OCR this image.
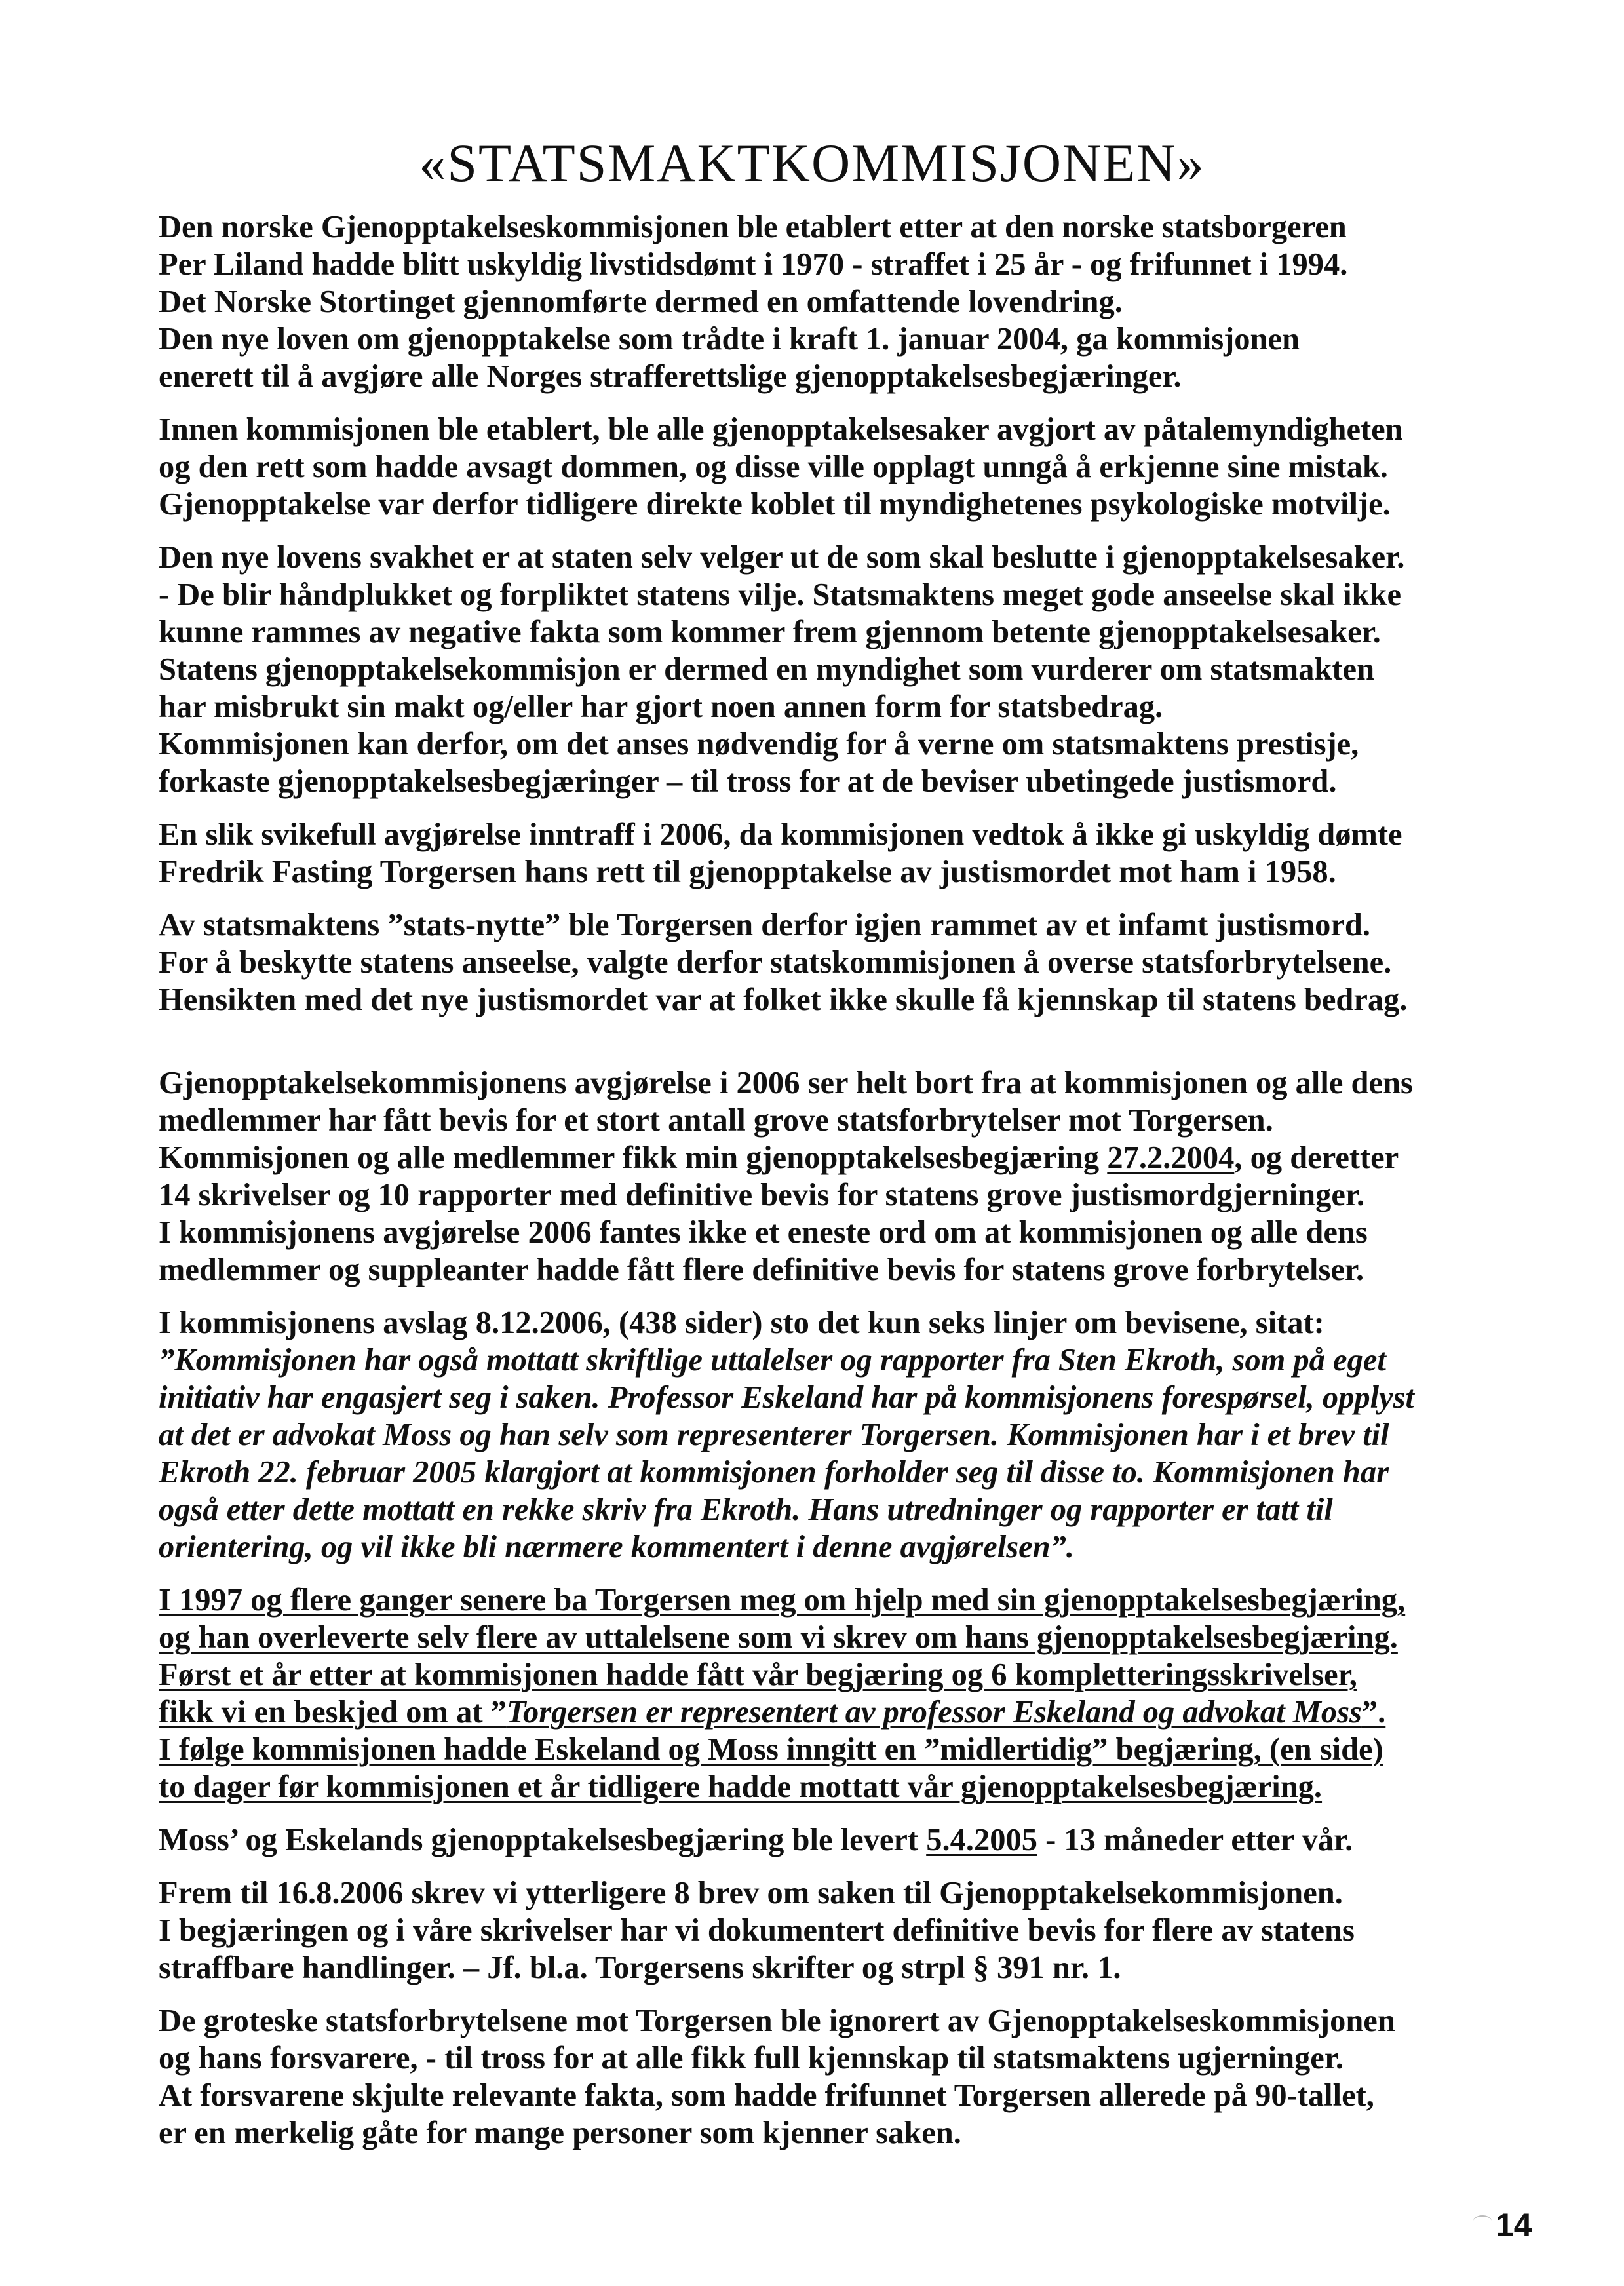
«STATSMAKTKOMMISJONEN»

Den norske Gjenopptakelseskommisjonen ble etablert etter at den norske statsborgeren
Per Liland hadde blitt uskyldig livstidsdømt i 1970 - straffet i 25 år - og frifunnet i 1994.
Det Norske Stortinget gjennomførte dermed en omfattende lovendring.
Den nye loven om gjenopptakelse som trådte i kraft 1. januar 2004, ga kommisjonen
enerett til å avgjøre alle Norges strafferettslige gjenopptakelsesbegjæringer.

Innen kommisjonen ble etablert, ble alle gjenopptakelsesaker avgjort av påtalemyndigheten
og den rett som hadde avsagt dommen, og disse ville opplagt unngå å erkjenne sine mistak.
Gjenopptakelse var derfor tidligere direkte koblet til myndighetenes psykologiske motvilje.

Den nye lovens svakhet er at staten selv velger ut de som skal beslutte i gjenopptakelsesaker.
- De blir håndplukket og forpliktet statens vilje. Statsmaktens meget gode anseelse skal ikke
kunne rammes av negative fakta som kommer frem gjennom betente gjenopptakelsesaker.
Statens gjenopptakelsekommisjon er dermed en myndighet som vurderer om statsmakten
har misbrukt sin makt og/eller har gjort noen annen form for statsbedrag.
Kommisjonen kan derfor, om det anses nødvendig for å verne om statsmaktens prestisje,
forkaste gjenopptakelsesbegjæringer – til tross for at de beviser ubetingede justismord.

En slik svikefull avgjørelse inntraff i 2006, da kommisjonen vedtok å ikke gi uskyldig dømte
Fredrik Fasting Torgersen hans rett til gjenopptakelse av justismordet mot ham i 1958.

Av statsmaktens ”stats-nytte” ble Torgersen derfor igjen rammet av et infamt justismord.
For å beskytte statens anseelse, valgte derfor statskommisjonen å overse statsforbrytelsene.
Hensikten med det nye justismordet var at folket ikke skulle få kjennskap til statens bedrag.

Gjenopptakelsekommisjonens avgjørelse i 2006 ser helt bort fra at kommisjonen og alle dens
medlemmer har fått bevis for et stort antall grove statsforbrytelser mot Torgersen.
Kommisjonen og alle medlemmer fikk min gjenopptakelsesbegjæring 27.2.2004, og deretter
14 skrivelser og 10 rapporter med definitive bevis for statens grove justismordgjerninger.
I kommisjonens avgjørelse 2006 fantes ikke et eneste ord om at kommisjonen og alle dens
medlemmer og suppleanter hadde fått flere definitive bevis for statens grove forbrytelser.

I kommisjonens avslag 8.12.2006, (438 sider) sto det kun seks linjer om bevisene, sitat:
”Kommisjonen har også mottatt skriftlige uttalelser og rapporter fra Sten Ekroth, som på eget
initiativ har engasjert seg i saken. Professor Eskeland har på kommisjonens forespørsel, opplyst
at det er advokat Moss og han selv som representerer Torgersen. Kommisjonen har i et brev til
Ekroth 22. februar 2005 klargjort at kommisjonen forholder seg til disse to. Kommisjonen har
også etter dette mottatt en rekke skriv fra Ekroth. Hans utredninger og rapporter er tatt til
orientering, og vil ikke bli nærmere kommentert i denne avgjørelsen”.

I 1997 og flere ganger senere ba Torgersen meg om hjelp med sin gjenopptakelsesbegjæring,
og han overleverte selv flere av uttalelsene som vi skrev om hans gjenopptakelsesbegjæring.
Først et år etter at kommisjonen hadde fått vår begjæring og 6 kompletteringsskrivelser,
fikk vi en beskjed om at ”Torgersen er representert av professor Eskeland og advokat Moss”.
I følge kommisjonen hadde Eskeland og Moss inngitt en ”midlertidig” begjæring, (en side)
to dager før kommisjonen et år tidligere hadde mottatt vår gjenopptakelsesbegjæring.

Moss’ og Eskelands gjenopptakelsesbegjæring ble levert 5.4.2005 - 13 måneder etter vår.

Frem til 16.8.2006 skrev vi ytterligere 8 brev om saken til Gjenopptakelsekommisjonen.
I begjæringen og i våre skrivelser har vi dokumentert definitive bevis for flere av statens
straffbare handlinger. – Jf. bl.a. Torgersens skrifter og strpl § 391 nr. 1.

De groteske statsforbrytelsene mot Torgersen ble ignorert av Gjenopptakelseskommisjonen
og hans forsvarere, - til tross for at alle fikk full kjennskap til statsmaktens ugjerninger.
At forsvarene skjulte relevante fakta, som hadde frifunnet Torgersen allerede på 90-tallet,
er en merkelig gåte for mange personer som kjenner saken.

14
